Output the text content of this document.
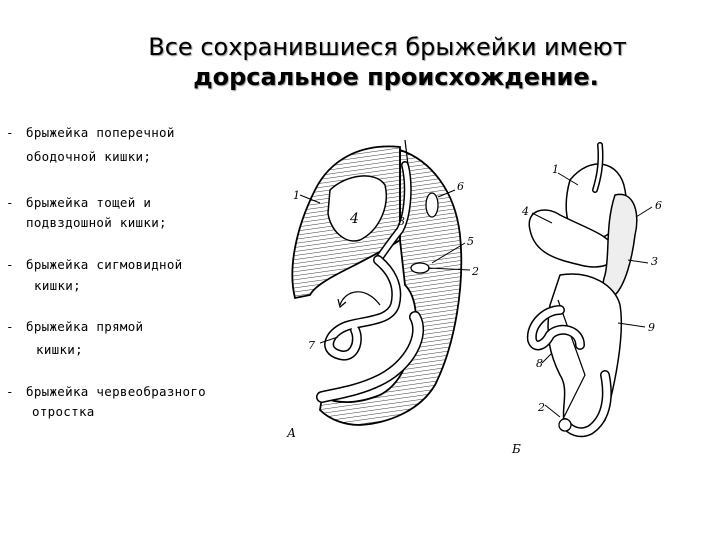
Все сохранившиеся брыжейки имеют
дорсальное происхождение.
- брыжейка поперечной
ободочной кишки;
- брыжейка тощей и
подвздошной кишки;
- брыжейка сигмовидной
кишки;
- брыжейка прямой
кишки;
- брыжейка червеобразного
отростка
1
4	3
6
5
2
7
А
1
4	6
3
9
8
2
Б
